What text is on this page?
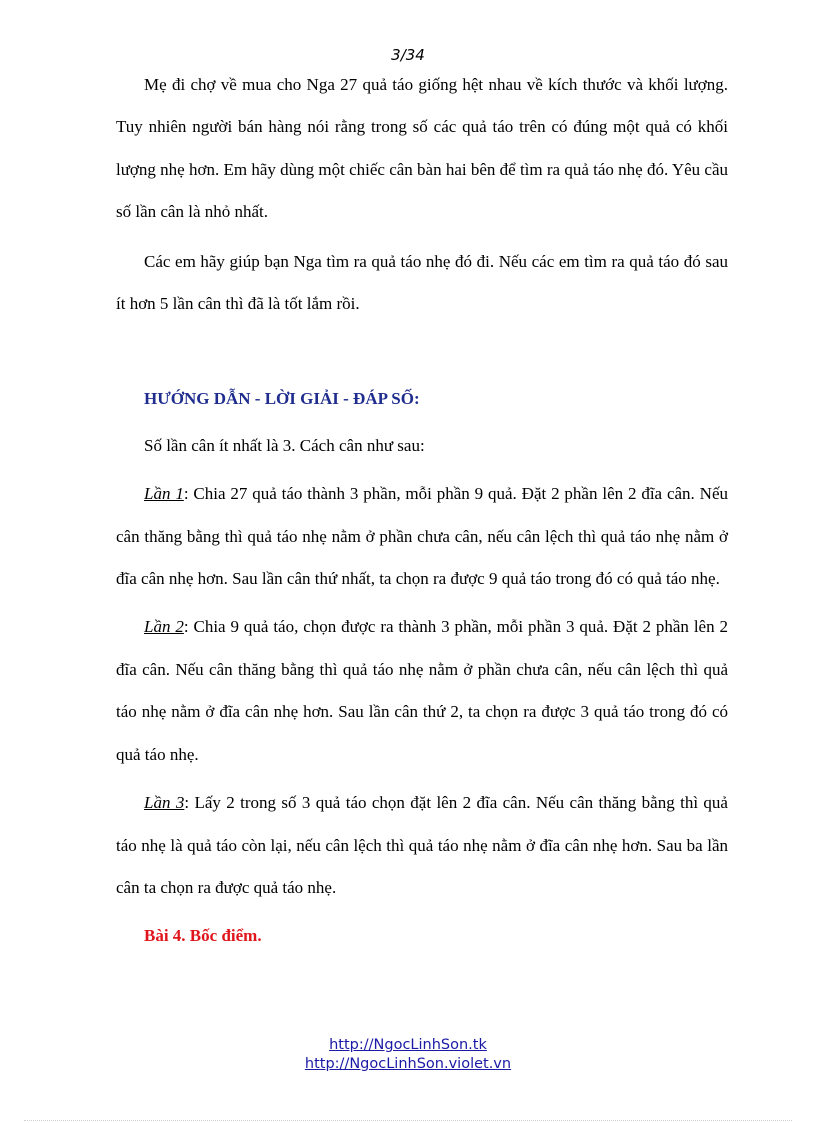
3/34

Mẹ đi chợ về mua cho Nga 27 quả táo giống hệt nhau về kích thước và khối lượng. Tuy nhiên người bán hàng nói rằng trong số các quả táo trên có đúng một quả có khối lượng nhẹ hơn. Em hãy dùng một chiếc cân bàn hai bên để tìm ra quả táo nhẹ đó. Yêu cầu số lần cân là nhỏ nhất.

Các em hãy giúp bạn Nga tìm ra quả táo nhẹ đó đi. Nếu các em tìm ra quả táo đó sau ít hơn 5 lần cân thì đã là tốt lắm rồi.

HƯỚNG DẪN - LỜI GIẢI - ĐÁP SỐ:

Số lần cân ít nhất là 3. Cách cân như sau:

Lần 1: Chia 27 quả táo thành 3 phần, mỗi phần 9 quả. Đặt 2 phần lên 2 đĩa cân. Nếu cân thăng bằng thì quả táo nhẹ nằm ở phần chưa cân, nếu cân lệch thì quả táo nhẹ nằm ở đĩa cân nhẹ hơn. Sau lần cân thứ nhất, ta chọn ra được 9 quả táo trong đó có quả táo nhẹ.

Lần 2: Chia 9 quả táo, chọn được ra thành 3 phần, mỗi phần 3 quả. Đặt 2 phần lên 2 đĩa cân. Nếu cân thăng bằng thì quả táo nhẹ nằm ở phần chưa cân, nếu cân lệch thì quả táo nhẹ nằm ở đĩa cân nhẹ hơn. Sau lần cân thứ 2, ta chọn ra được 3 quả táo trong đó có quả táo nhẹ.

Lần 3: Lấy 2 trong số 3 quả táo chọn đặt lên 2 đĩa cân. Nếu cân thăng bằng thì quả táo nhẹ là quả táo còn lại, nếu cân lệch thì quả táo nhẹ nằm ở đĩa cân nhẹ hơn. Sau ba lần cân ta chọn ra được quả táo nhẹ.

Bài 4. Bốc điểm.

http://NgocLinhSon.tk
http://NgocLinhSon.violet.vn
